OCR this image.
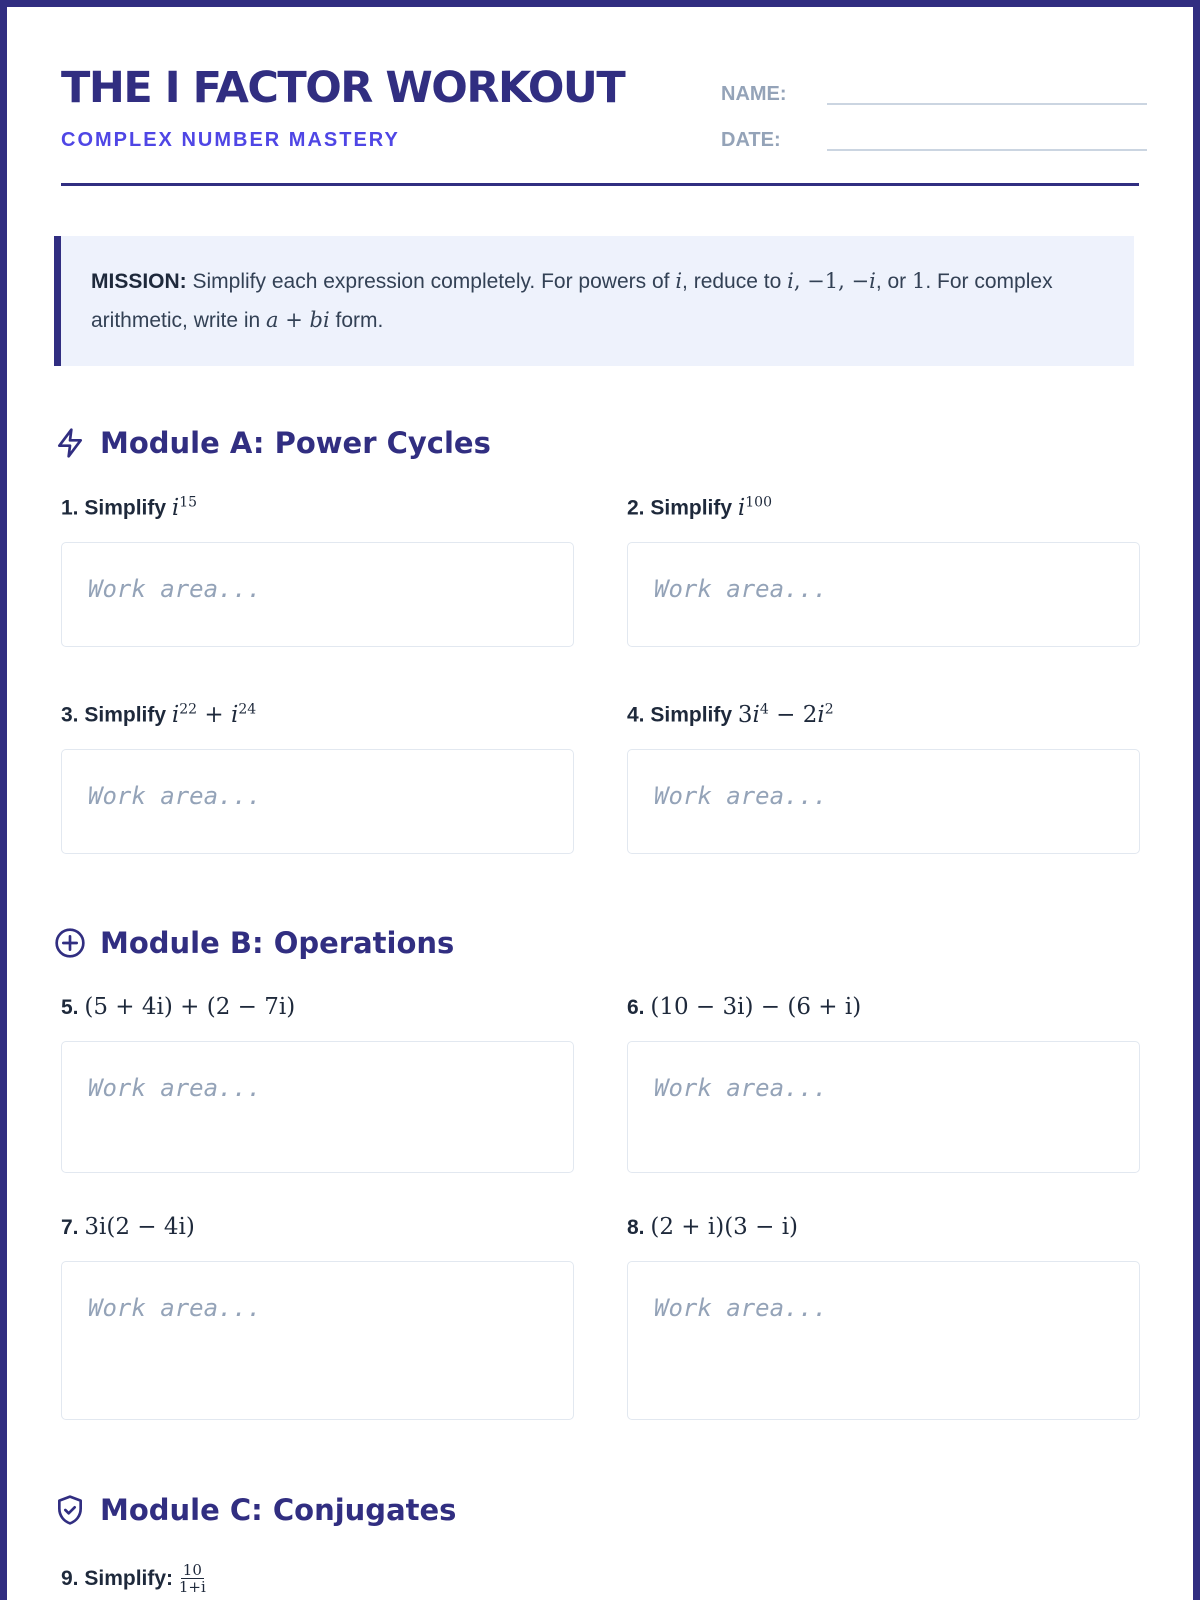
THE I FACTOR WORKOUT
COMPLEX NUMBER MASTERY
NAME:
DATE:
MISSION: Simplify each expression completely. For powers of i, reduce to i, −1, −i, or 1. For complex arithmetic, write in a + bi form.
Module A: Power Cycles
1. Simplify $i^{15}$	2. Simplify $i^{100}$
Work area...	Work area...
3. Simplify $i^{22} + i^{24}$	4. Simplify $3i^4 - 2i^2$
Work area...	Work area...
Module B: Operations
5. (5 + 4i) + (2 − 7i)	6. (10 − 3i) − (6 + i)
Work area...	Work area...
7. 3i(2 − 4i)	8. (2 + i)(3 − i)
Work area...	Work area...
Module C: Conjugates
9.
Simplify:
$\frac{10}{1+i}$
